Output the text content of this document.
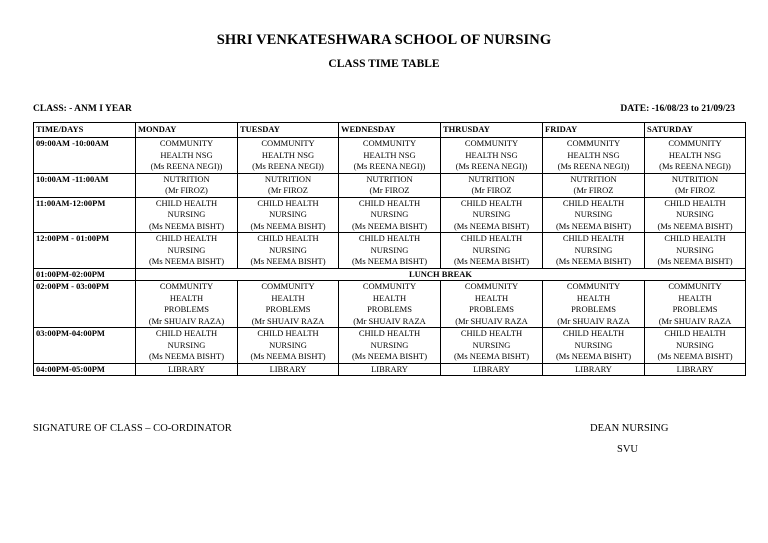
SHRI VENKATESHWARA SCHOOL OF NURSING
CLASS TIME TABLE
CLASS: - ANM I YEAR	DATE: -16/08/23 to 21/09/23
TIME/DAYS	MONDAY	TUESDAY	WEDNESDAY	THRUSDAY	FRIDAY	SATURDAY
09:00AM -10:00AM	COMMUNITY
HEALTH NSG
(Ms REENA NEGI))	COMMUNITY
HEALTH NSG
(Ms REENA NEGI))	COMMUNITY
HEALTH NSG
(Ms REENA NEGI))	COMMUNITY
HEALTH NSG
(Ms REENA NEGI))	COMMUNITY
HEALTH NSG
(Ms REENA NEGI))	COMMUNITY
HEALTH NSG
(Ms REENA NEGI))

10:00AM -11:00AM	NUTRITION
(Mr FIROZ)	NUTRITION
(Mr FIROZ	NUTRITION
(Mr FIROZ	NUTRITION
(Mr FIROZ	NUTRITION
(Mr FIROZ	NUTRITION
(Mr FIROZ

11:00AM-12:00PM	CHILD HEALTH
NURSING
(Ms NEEMA BISHT)	CHILD HEALTH
NURSING
(Ms NEEMA BISHT)	CHILD HEALTH
NURSING
(Ms NEEMA BISHT)	CHILD HEALTH
NURSING
(Ms NEEMA BISHT)	CHILD HEALTH
NURSING
(Ms NEEMA BISHT)	CHILD HEALTH
NURSING
(Ms NEEMA BISHT)

12:00PM - 01:00PM	CHILD HEALTH
NURSING
(Ms NEEMA BISHT)	CHILD HEALTH
NURSING
(Ms NEEMA BISHT)	CHILD HEALTH
NURSING
(Ms NEEMA BISHT)	CHILD HEALTH
NURSING
(Ms NEEMA BISHT)	CHILD HEALTH
NURSING
(Ms NEEMA BISHT)	CHILD HEALTH
NURSING
(Ms NEEMA BISHT)

01:00PM-02:00PM	LUNCH BREAK					
02:00PM - 03:00PM	COMMUNITY
HEALTH
PROBLEMS
(Mr SHUAIV RAZA)	COMMUNITY
HEALTH
PROBLEMS
(Mr SHUAIV RAZA	COMMUNITY
HEALTH
PROBLEMS
(Mr SHUAIV RAZA	COMMUNITY
HEALTH
PROBLEMS
(Mr SHUAIV RAZA	COMMUNITY
HEALTH
PROBLEMS
(Mr SHUAIV RAZA	COMMUNITY
HEALTH
PROBLEMS
(Mr SHUAIV RAZA

03:00PM-04:00PM	CHILD HEALTH
NURSING
(Ms NEEMA BISHT)	CHILD HEALTH
NURSING
(Ms NEEMA BISHT)	CHILD HEALTH
NURSING
(Ms NEEMA BISHT)	CHILD HEALTH
NURSING
(Ms NEEMA BISHT)	CHILD HEALTH
NURSING
(Ms NEEMA BISHT)	CHILD HEALTH
NURSING
(Ms NEEMA BISHT)

04:00PM-05:00PM	LIBRARY	LIBRARY	LIBRARY	LIBRARY	LIBRARY	LIBRARY
SIGNATURE OF CLASS – CO-ORDINATOR	DEAN NURSING
SVU
